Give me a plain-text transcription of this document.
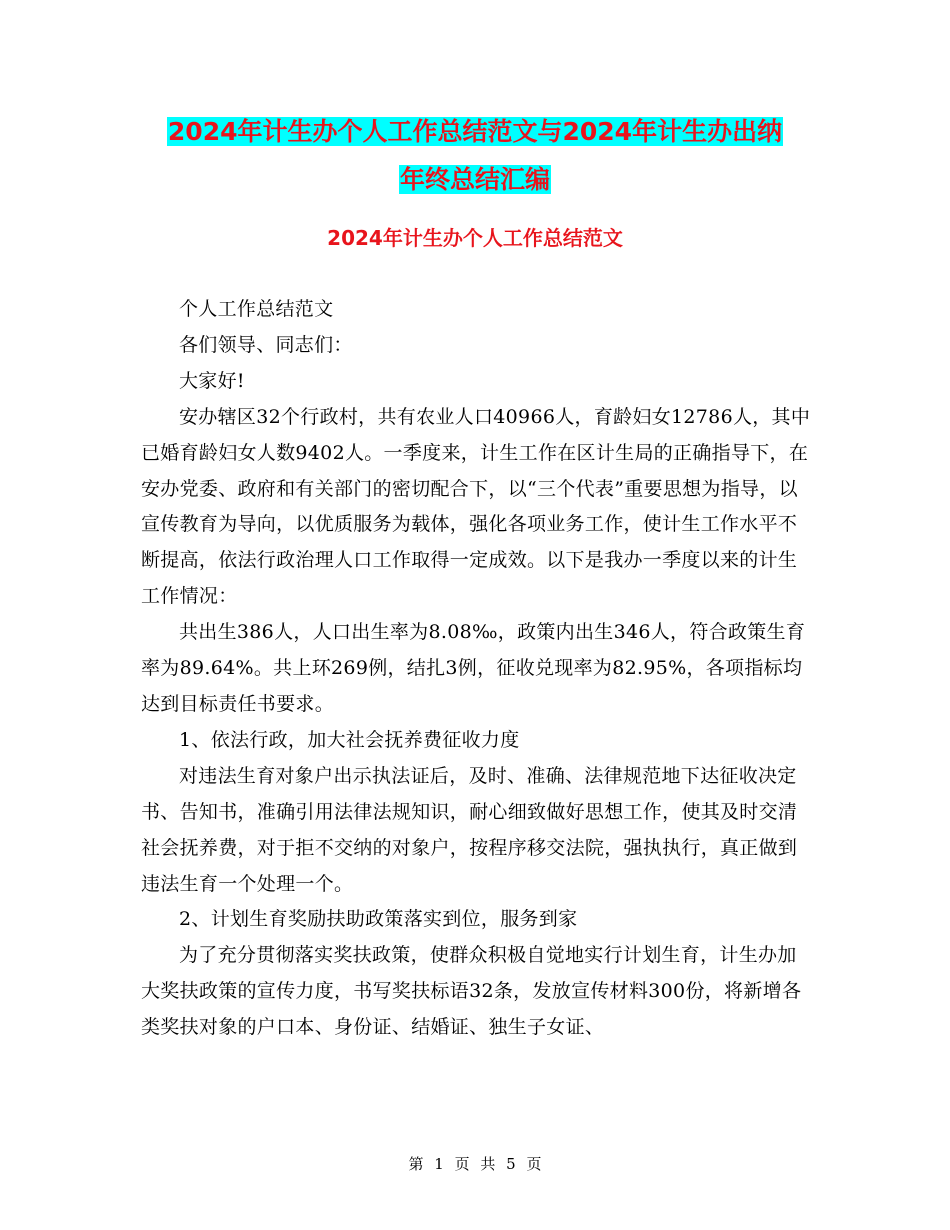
2024年计生办个人工作总结范文与2024年计生办出纳
年终总结汇编
2024年计生办个人工作总结范文

个人工作总结范文

各们领导、同志们：

大家好!

安办辖区32个行政村，共有农业人口40966人，育龄妇女12786人，其中已婚育龄妇女人数9402人。一季度来，计生工作在区计生局的正确指导下，在安办党委、政府和有关部门的密切配合下，以“三个代表”重要思想为指导，以宣传教育为导向，以优质服务为载体，强化各项业务工作，使计生工作水平不断提高，依法行政治理人口工作取得一定成效。以下是我办一季度以来的计生工作情况：

共出生386人，人口出生率为8.08‰，政策内出生346人，符合政策生育率为89.64%。共上环269例，结扎3例，征收兑现率为82.95%，各项指标均达到目标责任书要求。

1、依法行政，加大社会抚养费征收力度

对违法生育对象户出示执法证后，及时、准确、法律规范地下达征收决定书、告知书，准确引用法律法规知识，耐心细致做好思想工作，使其及时交清社会抚养费，对于拒不交纳的对象户，按程序移交法院，强执执行，真正做到违法生育一个处理一个。

2、计划生育奖励扶助政策落实到位，服务到家

为了充分贯彻落实奖扶政策，使群众积极自觉地实行计划生育，计生办加大奖扶政策的宣传力度，书写奖扶标语32条，发放宣传材料300份，将新增各类奖扶对象的户口本、身份证、结婚证、独生子女证、

第 1 页 共 5 页
